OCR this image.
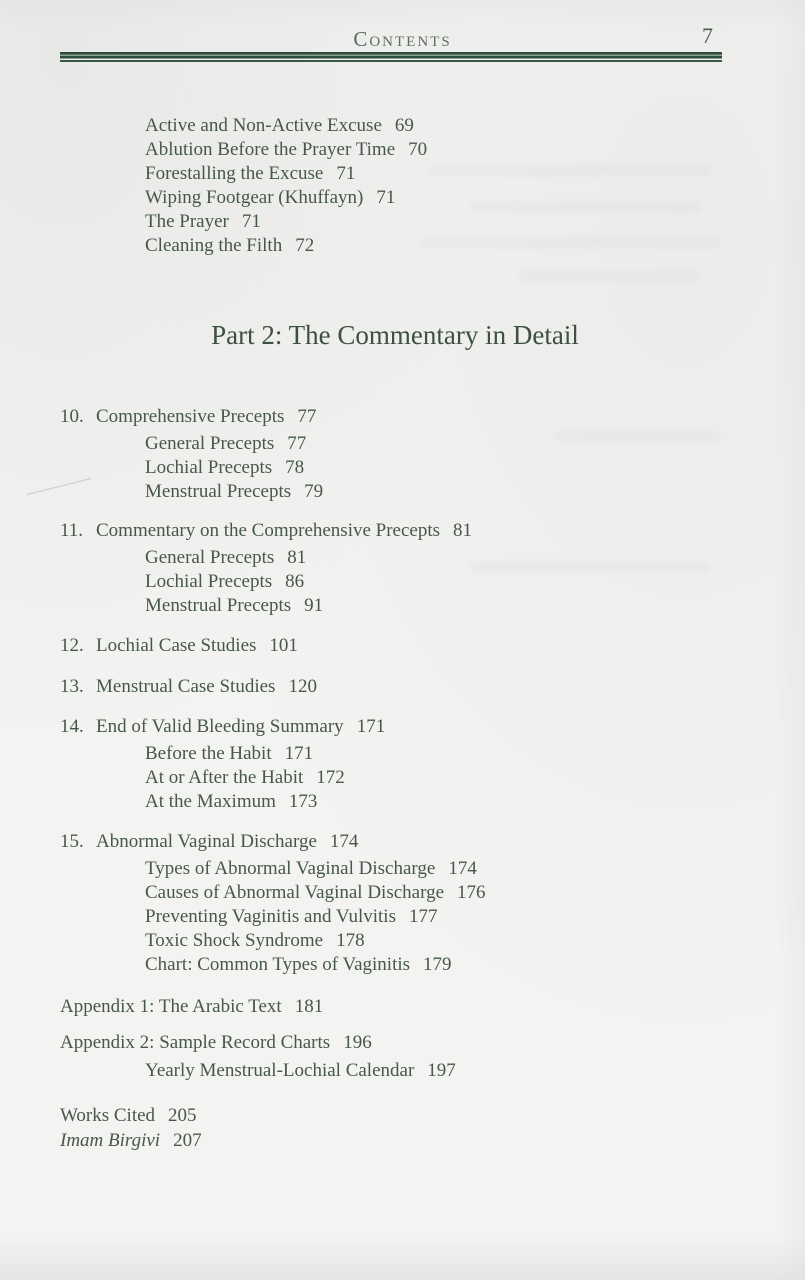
Contents	7
Active and Non-Active Excuse 69
Ablution Before the Prayer Time 70
Forestalling the Excuse 71
Wiping Footgear (Khuffayn) 71
The Prayer 71
Cleaning the Filth 72
Part 2: The Commentary in Detail
10. Comprehensive Precepts 77
General Precepts 77
Lochial Precepts 78
Menstrual Precepts 79
11. Commentary on the Comprehensive Precepts 81
General Precepts 81
Lochial Precepts 86
Menstrual Precepts 91
12. Lochial Case Studies 101
13. Menstrual Case Studies 120
14. End of Valid Bleeding Summary 171
Before the Habit 171
At or After the Habit 172
At the Maximum 173
15. Abnormal Vaginal Discharge 174
Types of Abnormal Vaginal Discharge 174
Causes of Abnormal Vaginal Discharge 176
Preventing Vaginitis and Vulvitis 177
Toxic Shock Syndrome 178
Chart: Common Types of Vaginitis 179
Appendix 1: The Arabic Text 181
Appendix 2: Sample Record Charts 196
Yearly Menstrual-Lochial Calendar 197
Works Cited 205
Imam Birgivi 207
